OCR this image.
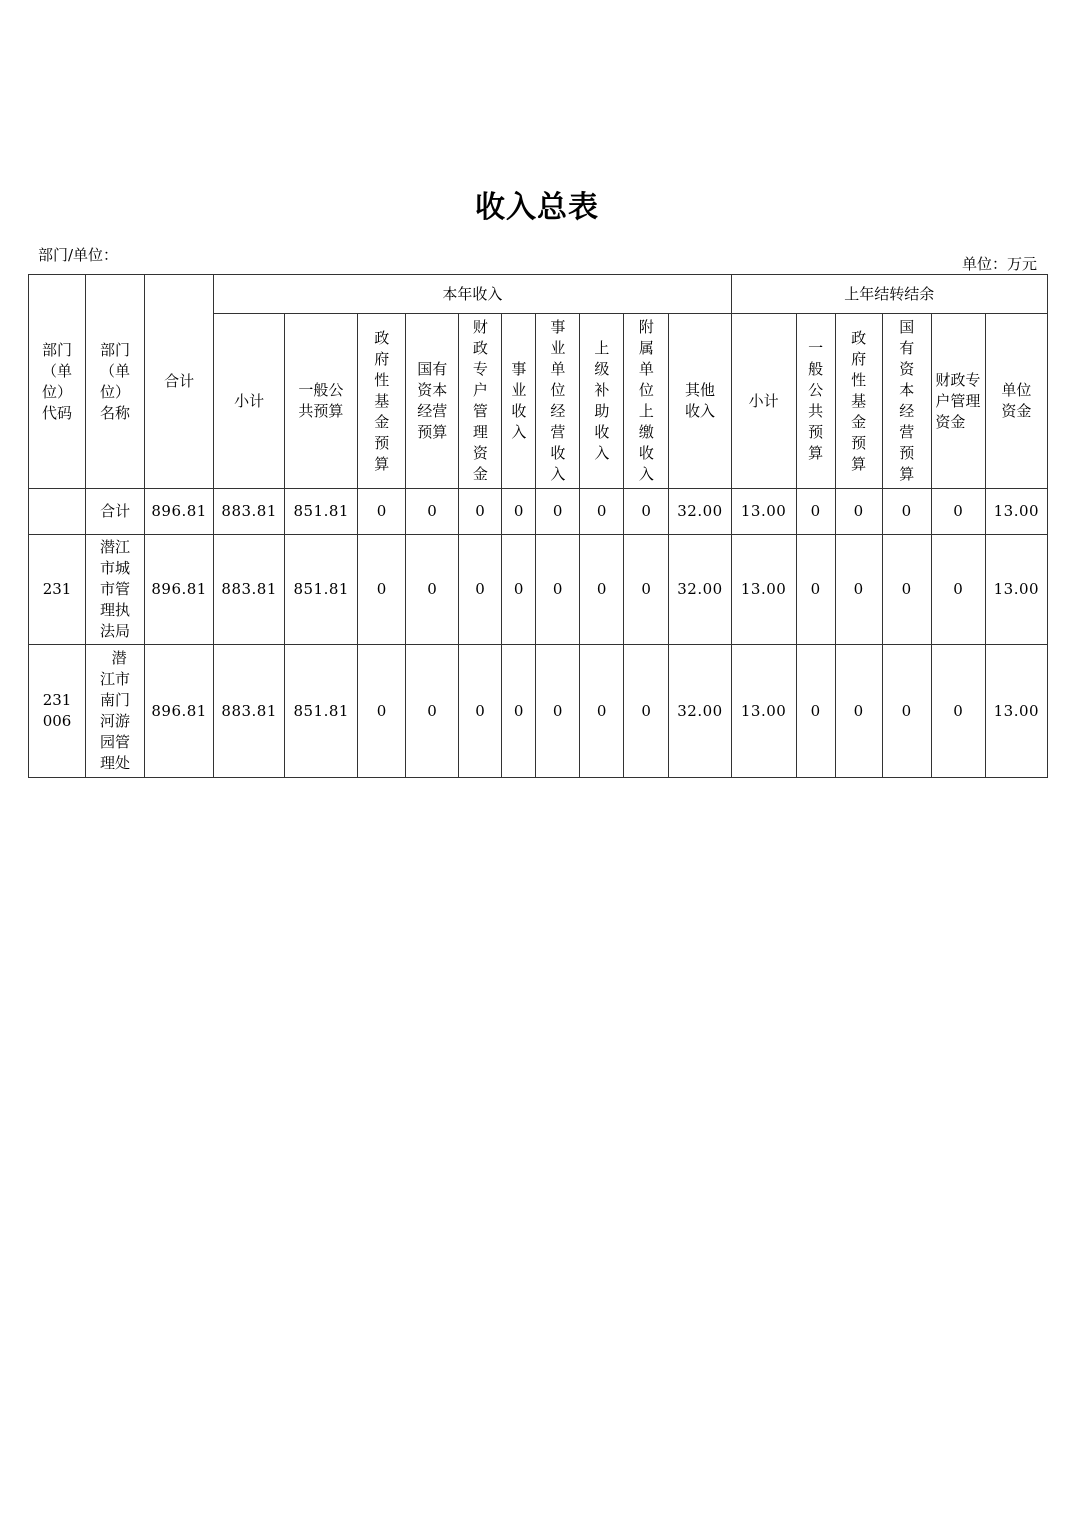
收入总表
部门/单位：	单位：万元
部门（单位）代码	部门（单位）名称	合计	本年收入										上年结转结余					
			小计	一般公共预算	政府性基金预算	国有资本经营预算	财政专户管理资金	事业收入	事业单位经营收入	上级补助收入	附属单位上缴收入	其他收入	小计	一般公共预算	政府性基金预算	国有资本经营预算	财政专户管理资金	单位资金
	合计	896.81	883.81	851.81	0	0	0	0	0	0	0	32.00	13.00	0	0	0	0	13.00
231	潜江市城市管理执法局	896.81	883.81	851.81	0	0	0	0	0	0	0	32.00	13.00	0	0	0	0	13.00
231006	潜江市南门河游园管理处	896.81	883.81	851.81	0	0	0	0	0	0	0	32.00	13.00	0	0	0	0	13.00
